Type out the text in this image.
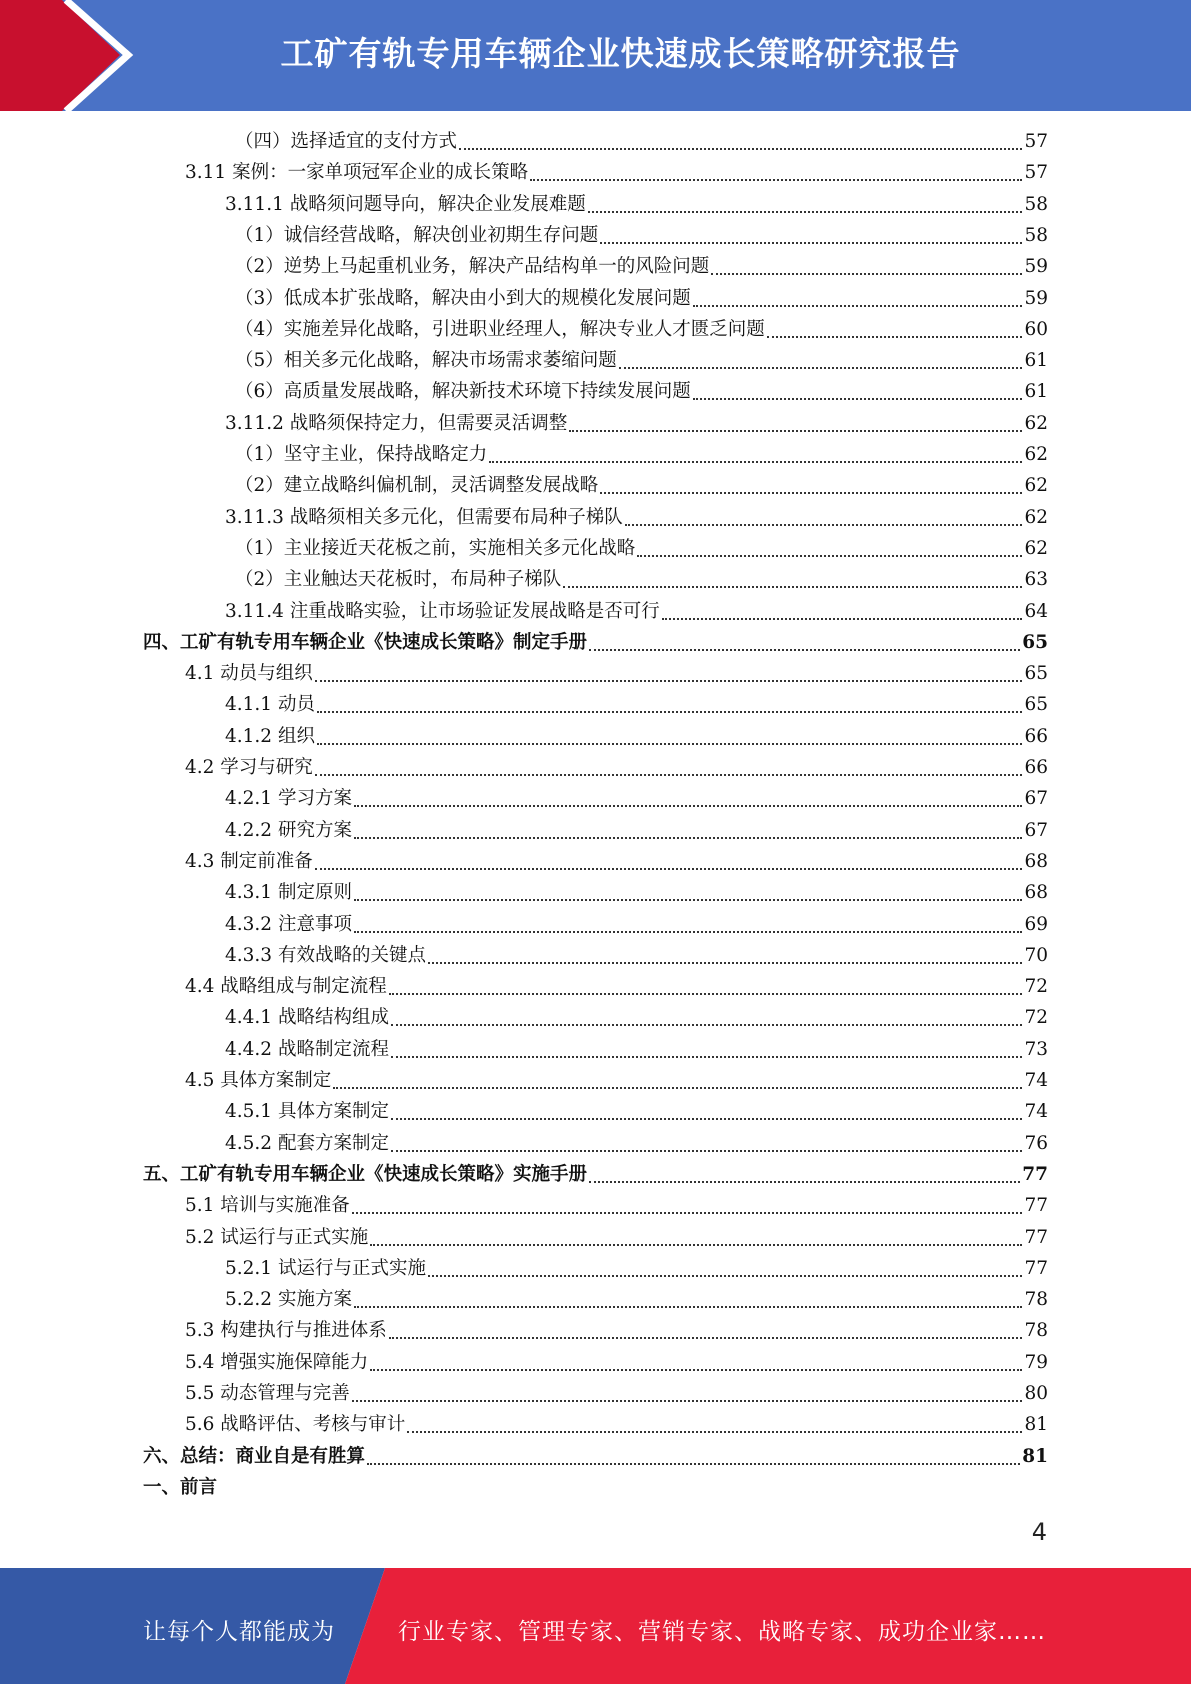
工矿有轨专用车辆企业快速成长策略研究报告
（四）选择适宜的支付方式	57
3.11 案例：一家单项冠军企业的成长策略	57
3.11.1 战略须问题导向，解决企业发展难题	58
（1）诚信经营战略，解决创业初期生存问题	58
（2）逆势上马起重机业务，解决产品结构单一的风险问题	59
（3）低成本扩张战略，解决由小到大的规模化发展问题	59
（4）实施差异化战略，引进职业经理人，解决专业人才匮乏问题	60
（5）相关多元化战略，解决市场需求萎缩问题	61
（6）高质量发展战略，解决新技术环境下持续发展问题	61
3.11.2 战略须保持定力，但需要灵活调整	62
（1）坚守主业，保持战略定力	62
（2）建立战略纠偏机制，灵活调整发展战略	62
3.11.3 战略须相关多元化，但需要布局种子梯队	62
（1）主业接近天花板之前，实施相关多元化战略	62
（2）主业触达天花板时，布局种子梯队	63
3.11.4 注重战略实验，让市场验证发展战略是否可行	64
四、工矿有轨专用车辆企业《快速成长策略》制定手册	65
4.1 动员与组织	65
4.1.1 动员	65
4.1.2 组织	66
4.2 学习与研究	66
4.2.1 学习方案	67
4.2.2 研究方案	67
4.3 制定前准备	68
4.3.1 制定原则	68
4.3.2 注意事项	69
4.3.3 有效战略的关键点	70
4.4 战略组成与制定流程	72
4.4.1 战略结构组成	72
4.4.2 战略制定流程	73
4.5 具体方案制定	74
4.5.1 具体方案制定	74
4.5.2 配套方案制定	76
五、工矿有轨专用车辆企业《快速成长策略》实施手册	77
5.1 培训与实施准备	77
5.2 试运行与正式实施	77
5.2.1 试运行与正式实施	77
5.2.2 实施方案	78
5.3 构建执行与推进体系	78
5.4 增强实施保障能力	79
5.5 动态管理与完善	80
5.6 战略评估、考核与审计	81
六、总结：商业自是有胜算	81
一、前言
4
让每个人都能成为	行业专家、管理专家、营销专家、战略专家、成功企业家……
